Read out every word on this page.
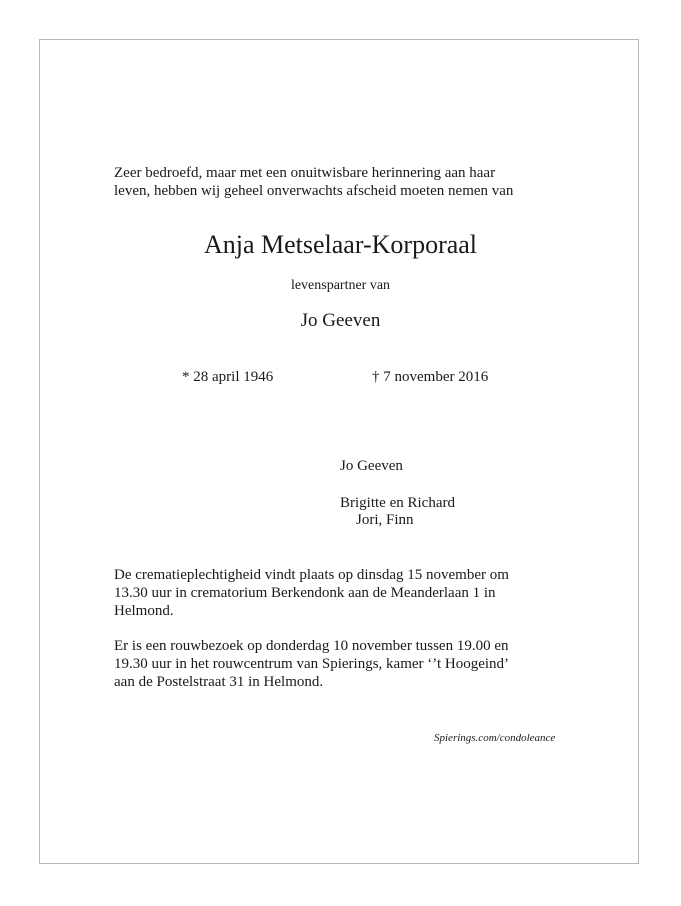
Zeer bedroefd, maar met een onuitwisbare herinnering aan haar
leven, hebben wij geheel onverwachts afscheid moeten nemen van
Anja Metselaar-Korporaal
levenspartner van
Jo Geeven
* 28 april 1946	† 7 november 2016
Jo Geeven
Brigitte en Richard
Jori, Finn
De crematieplechtigheid vindt plaats op dinsdag 15 november om
13.30 uur in crematorium Berkendonk aan de Meanderlaan 1 in
Helmond.
Er is een rouwbezoek op donderdag 10 november tussen 19.00 en
19.30 uur in het rouwcentrum van Spierings, kamer ‘’t Hoogeind’
aan de Postelstraat 31 in Helmond.
Spierings.com/condoleance
